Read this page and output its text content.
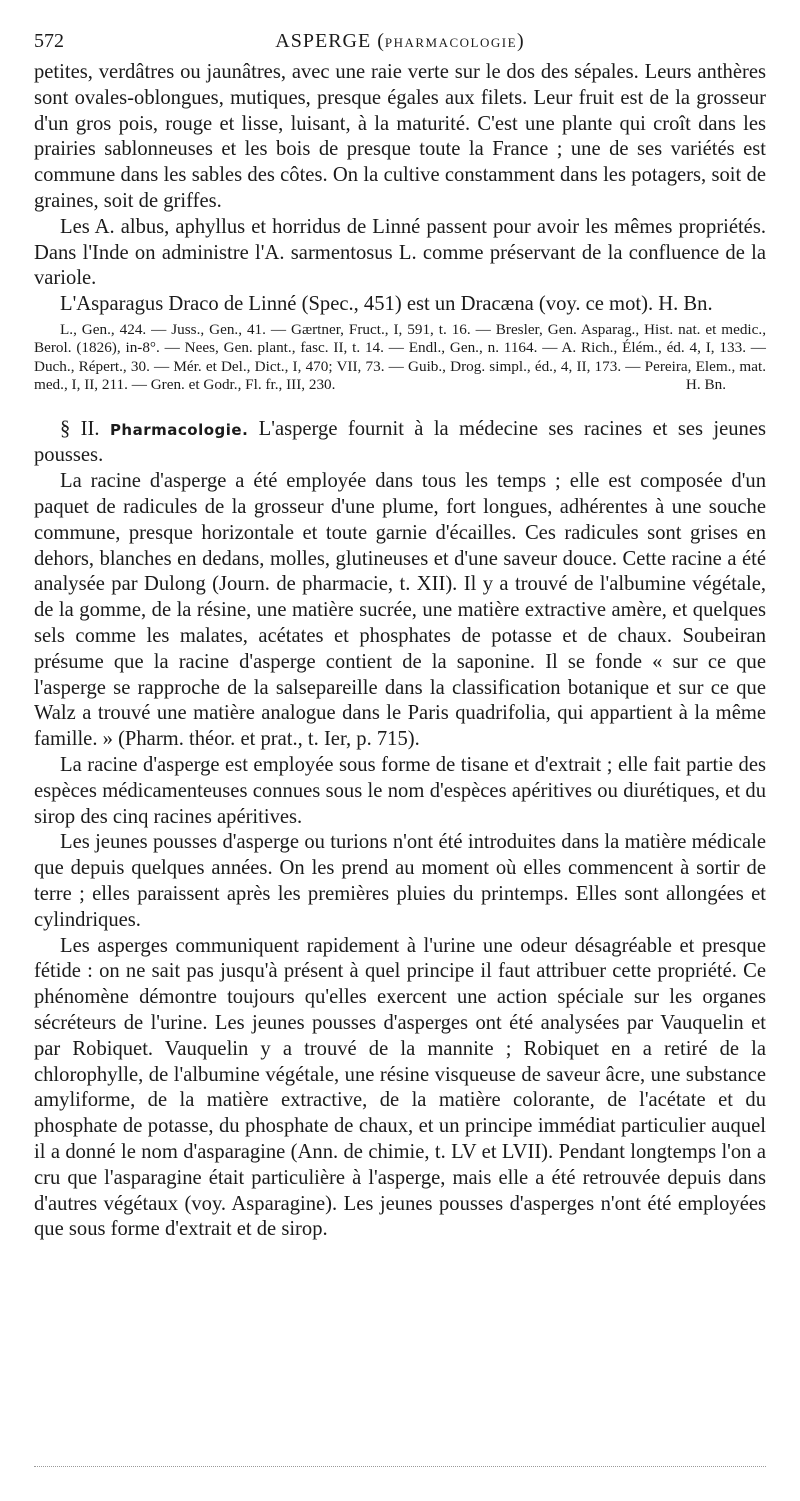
572	ASPERGE (PHARMACOLOGIE)

petites, verdâtres ou jaunâtres, avec une raie verte sur le dos des sépales. Leurs anthères sont ovales-oblongues, mutiques, presque égales aux filets. Leur fruit est de la grosseur d'un gros pois, rouge et lisse, luisant, à la maturité. C'est une plante qui croît dans les prairies sablonneuses et les bois de presque toute la France ; une de ses variétés est commune dans les sables des côtes. On la cultive constamment dans les potagers, soit de graines, soit de griffes.

Les A. albus, aphyllus et horridus de Linné passent pour avoir les mêmes propriétés. Dans l'Inde on administre l'A. sarmentosus L. comme préservant de la confluence de la variole.

L'Asparagus Draco de Linné (Spec., 451) est un Dracæna (voy. ce mot). H. Bn.

L., Gen., 424. — Juss., Gen., 41. — Gærtner, Fruct., I, 591, t. 16. — Bresler, Gen. Asparag., Hist. nat. et medic., Berol. (1826), in-8°. — Nees, Gen. plant., fasc. II, t. 14. — Endl., Gen., n. 1164. — A. Rich., Élém., éd. 4, I, 133. — Duch., Répert., 30. — Mér. et Del., Dict., I, 470; VII, 73. — Guib., Drog. simpl., éd., 4, II, 173. — Pereira, Elem., mat. med., I, II, 211. — Gren. et Godr., Fl. fr., III, 230.	H. Bn.

§ II. Pharmacologie. L'asperge fournit à la médecine ses racines et ses jeunes pousses.

La racine d'asperge a été employée dans tous les temps ; elle est composée d'un paquet de radicules de la grosseur d'une plume, fort longues, adhérentes à une souche commune, presque horizontale et toute garnie d'écailles. Ces radicules sont grises en dehors, blanches en dedans, molles, glutineuses et d'une saveur douce. Cette racine a été analysée par Dulong (Journ. de pharmacie, t. XII). Il y a trouvé de l'albumine végétale, de la gomme, de la résine, une matière sucrée, une matière extractive amère, et quelques sels comme les malates, acétates et phosphates de potasse et de chaux. Soubeiran présume que la racine d'asperge contient de la saponine. Il se fonde « sur ce que l'asperge se rapproche de la salsepareille dans la classification botanique et sur ce que Walz a trouvé une matière analogue dans le Paris quadrifolia, qui appartient à la même famille. » (Pharm. théor. et prat., t. Ier, p. 715).

La racine d'asperge est employée sous forme de tisane et d'extrait ; elle fait partie des espèces médicamenteuses connues sous le nom d'espèces apéritives ou diurétiques, et du sirop des cinq racines apéritives.

Les jeunes pousses d'asperge ou turions n'ont été introduites dans la matière médicale que depuis quelques années. On les prend au moment où elles commencent à sortir de terre ; elles paraissent après les premières pluies du printemps. Elles sont allongées et cylindriques.

Les asperges communiquent rapidement à l'urine une odeur désagréable et presque fétide : on ne sait pas jusqu'à présent à quel principe il faut attribuer cette propriété. Ce phénomène démontre toujours qu'elles exercent une action spéciale sur les organes sécréteurs de l'urine. Les jeunes pousses d'asperges ont été analysées par Vauquelin et par Robiquet. Vauquelin y a trouvé de la mannite ; Robiquet en a retiré de la chlorophylle, de l'albumine végétale, une résine visqueuse de saveur âcre, une substance amyliforme, de la matière extractive, de la matière colorante, de l'acétate et du phosphate de potasse, du phosphate de chaux, et un principe immédiat particulier auquel il a donné le nom d'asparagine (Ann. de chimie, t. LV et LVII). Pendant longtemps l'on a cru que l'asparagine était particulière à l'asperge, mais elle a été retrouvée depuis dans d'autres végétaux (voy. Asparagine). Les jeunes pousses d'asperges n'ont été employées que sous forme d'extrait et de sirop.
